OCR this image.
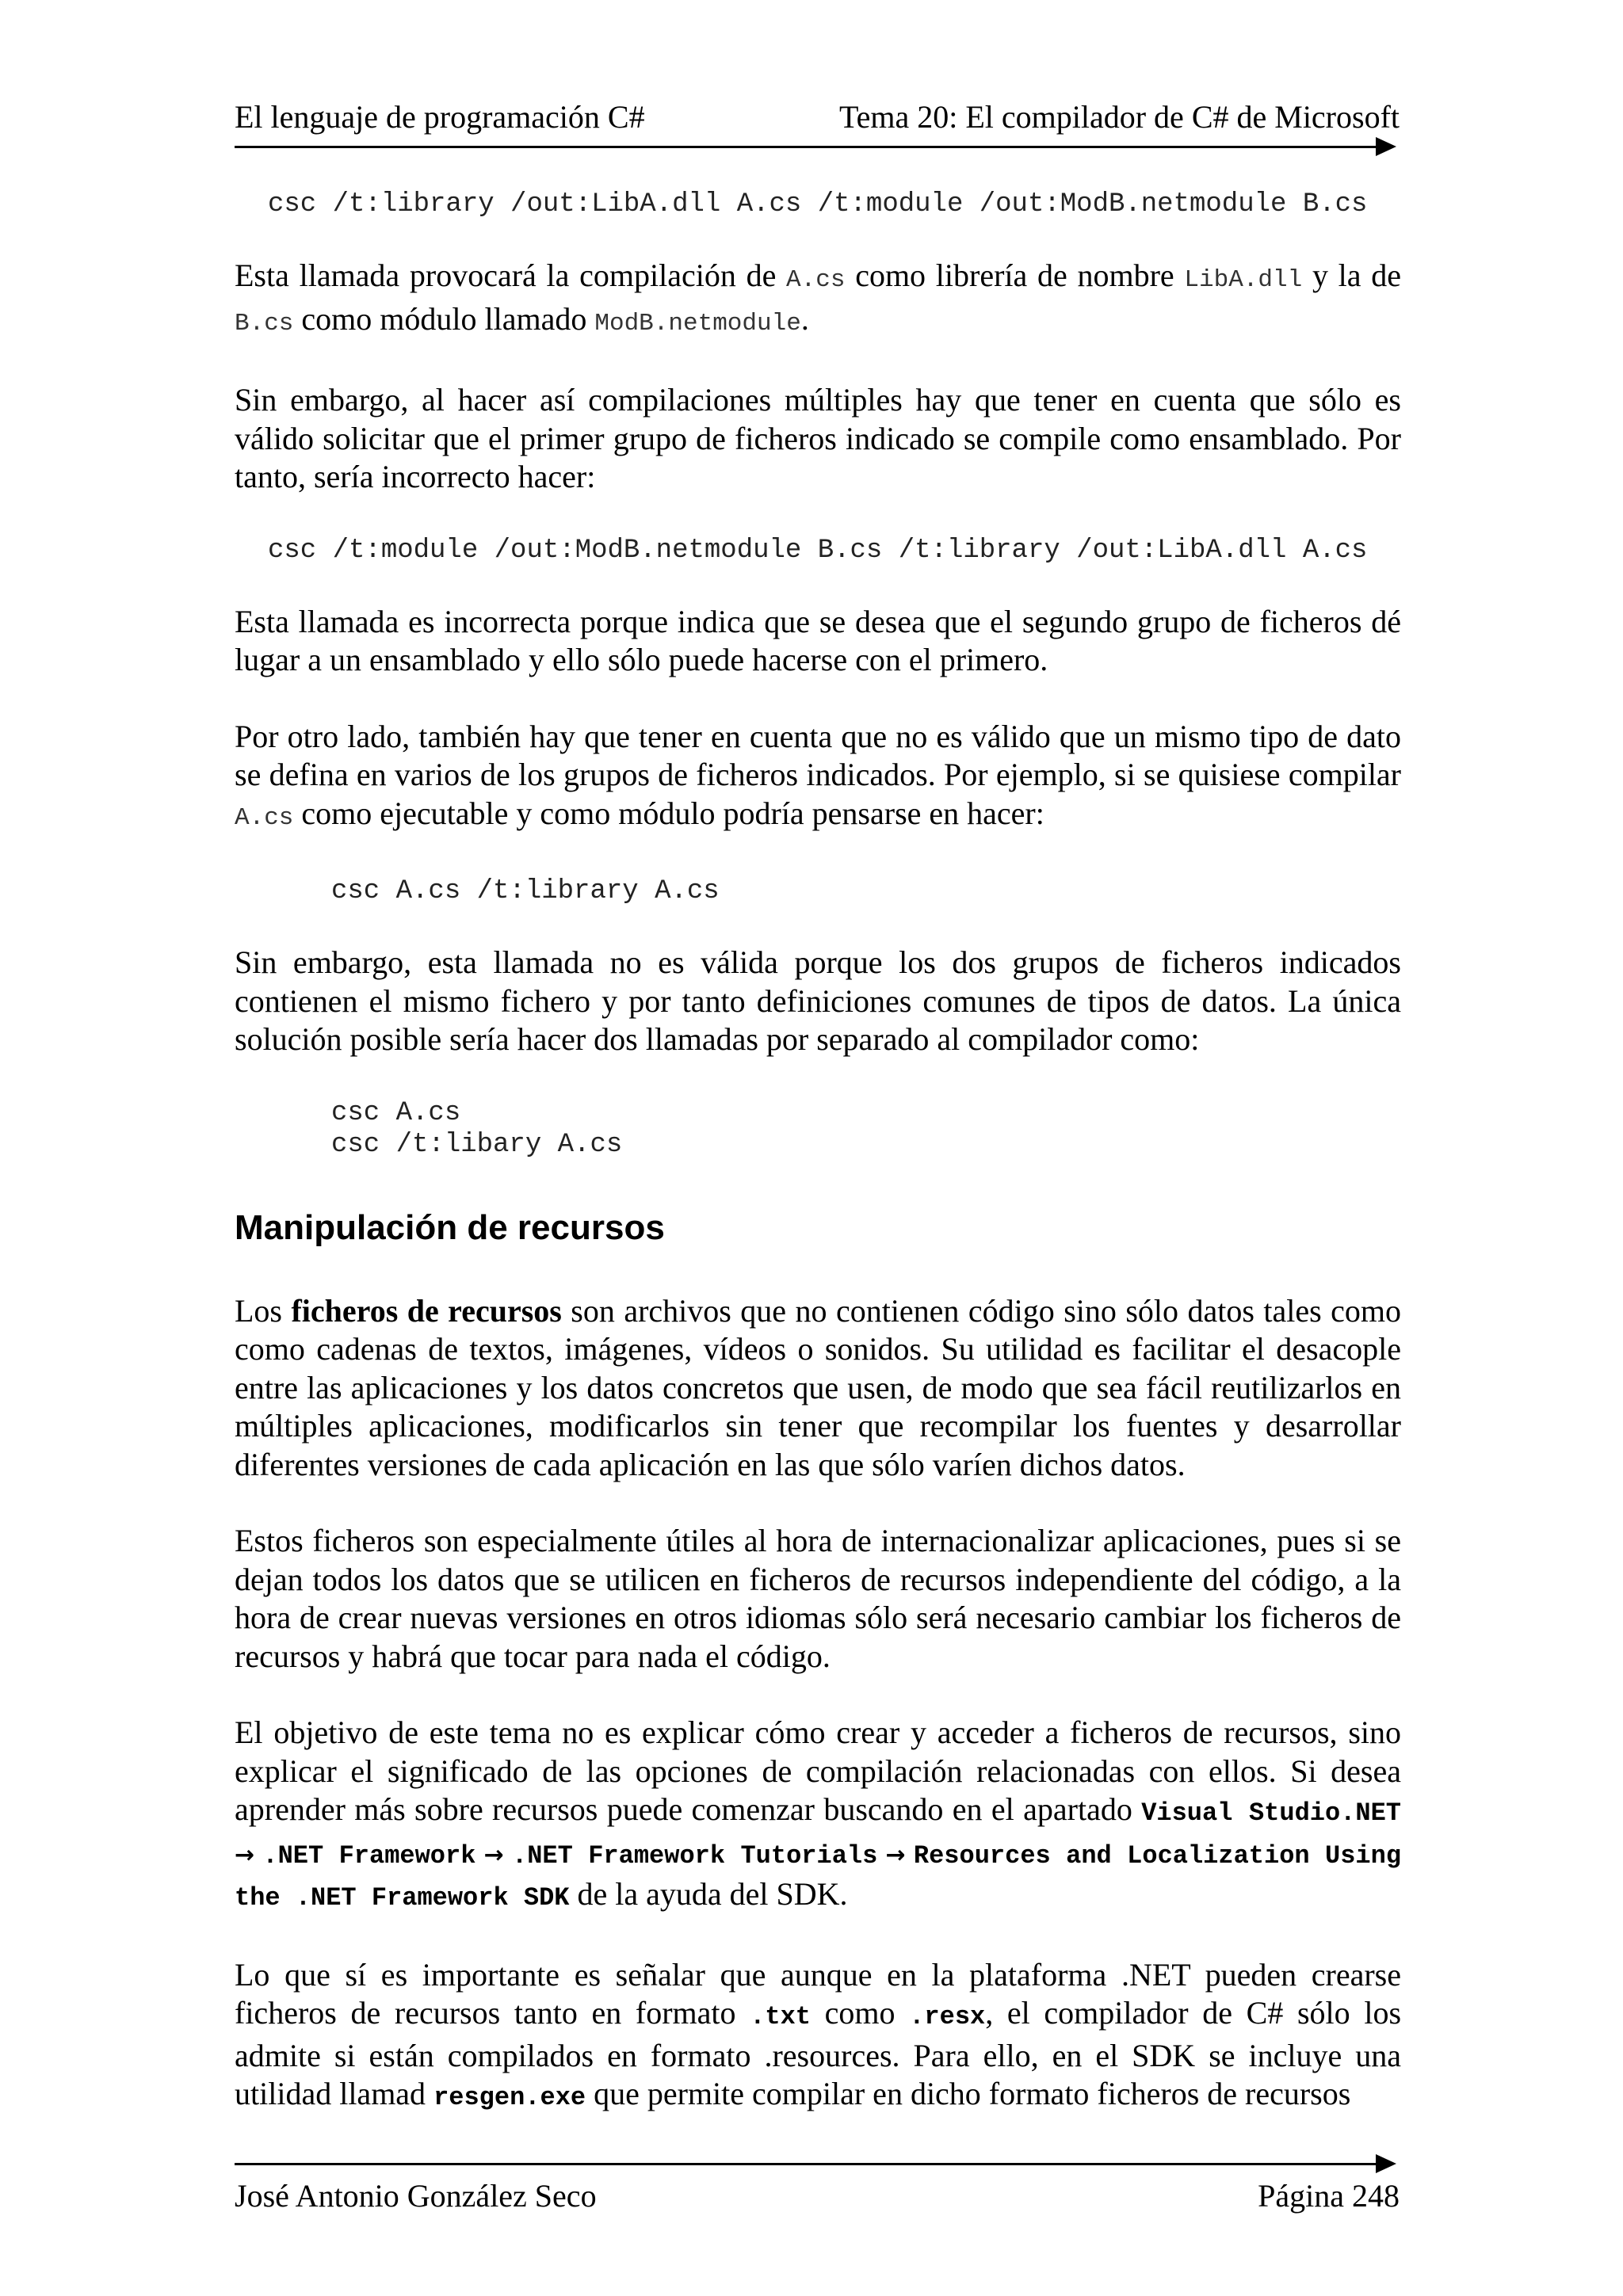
El lenguaje de programación C#	Tema 20: El compilador de C# de Microsoft
csc /t:library /out:LibA.dll A.cs /t:module /out:ModB.netmodule B.cs

Esta llamada provocará la compilación de A.cs como librería de nombre LibA.dll y la de B.cs como módulo llamado ModB.netmodule.

Sin embargo, al hacer así compilaciones múltiples hay que tener en cuenta que sólo es válido solicitar que el primer grupo de ficheros indicado se compile como ensamblado. Por tanto, sería incorrecto hacer:

csc /t:module /out:ModB.netmodule B.cs /t:library /out:LibA.dll A.cs

Esta llamada es incorrecta porque indica que se desea que el segundo grupo de ficheros dé lugar a un ensamblado y ello sólo puede hacerse con el primero.

Por otro lado, también hay que tener en cuenta que no es válido que un mismo tipo de dato se defina en varios de los grupos de ficheros indicados. Por ejemplo, si se quisiese compilar A.cs como ejecutable y como módulo podría pensarse en hacer:

csc A.cs /t:library A.cs

Sin embargo, esta llamada no es válida porque los dos grupos de ficheros indicados contienen el mismo fichero y por tanto definiciones comunes de tipos de datos. La única solución posible sería hacer dos llamadas por separado al compilador como:

csc A.cs
csc /t:libary A.cs
Manipulación de recursos

Los ficheros de recursos son archivos que no contienen código sino sólo datos tales como como cadenas de textos, imágenes, vídeos o sonidos. Su utilidad es facilitar el desacople entre las aplicaciones y los datos concretos que usen, de modo que sea fácil reutilizarlos en múltiples aplicaciones, modificarlos sin tener que recompilar los fuentes y desarrollar diferentes versiones de cada aplicación en las que sólo varíen dichos datos.

Estos ficheros son especialmente útiles al hora de internacionalizar aplicaciones, pues si se dejan todos los datos que se utilicen en ficheros de recursos independiente del código, a la hora de crear nuevas versiones en otros idiomas sólo será necesario cambiar los ficheros de recursos y habrá que tocar para nada el código.

El objetivo de este tema no es explicar cómo crear y acceder a ficheros de recursos, sino explicar el significado de las opciones de compilación relacionadas con ellos. Si desea aprender más sobre recursos puede comenzar buscando en el apartado Visual Studio.NET → .NET Framework → .NET Framework Tutorials → Resources and Localization Using the .NET Framework SDK de la ayuda del SDK.

Lo que sí es importante es señalar que aunque en la plataforma .NET pueden crearse ficheros de recursos tanto en formato .txt como .resx, el compilador de C# sólo los admite si están compilados en formato .resources. Para ello, en el SDK se incluye una utilidad llamad resgen.exe que permite compilar en dicho formato ficheros de recursos

José Antonio González Seco	Página 248
